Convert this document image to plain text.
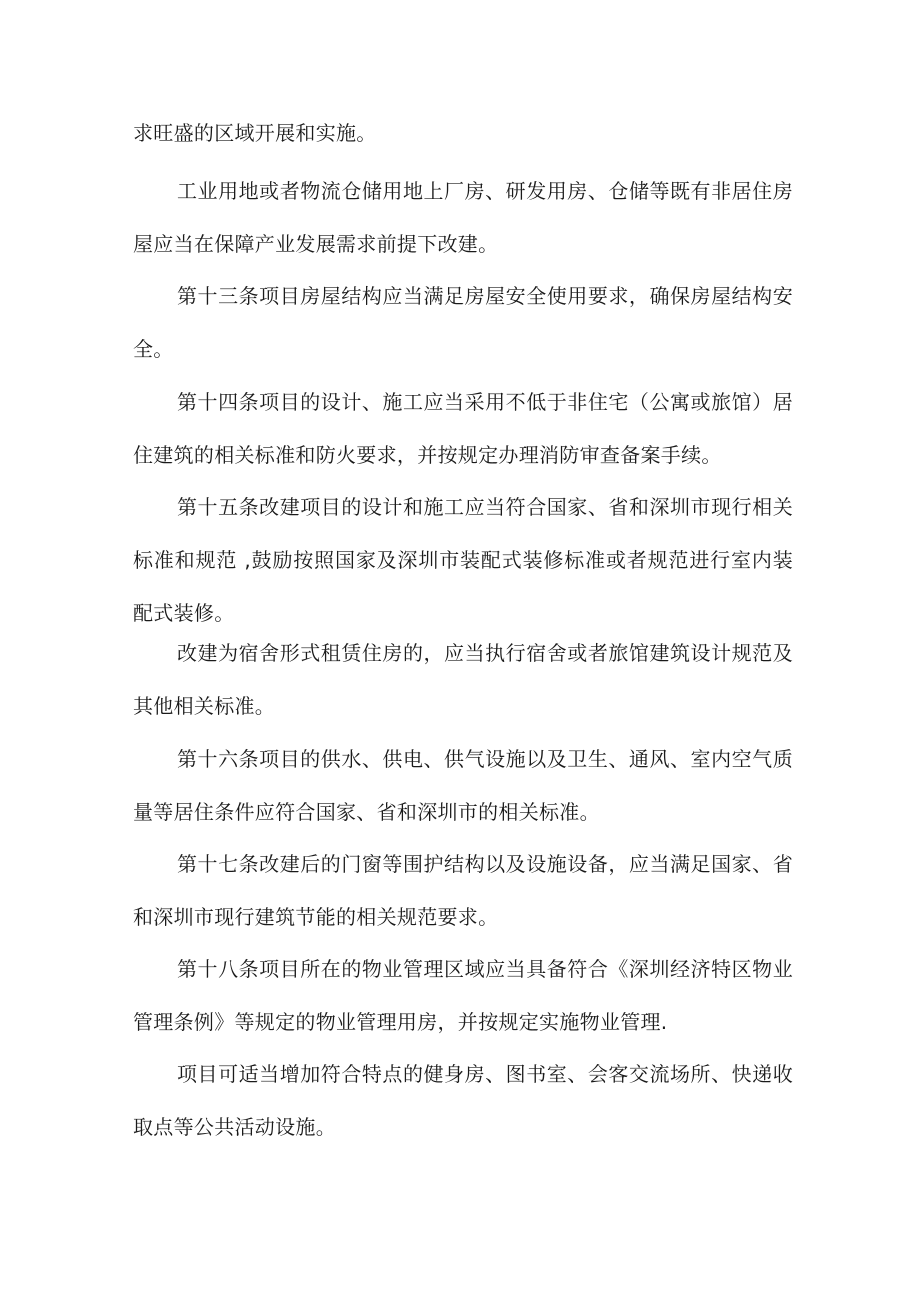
求旺盛的区域开展和实施。

工业用地或者物流仓储用地上厂房、研发用房、仓储等既有非居住房屋应当在保障产业发展需求前提下改建。

第十三条项目房屋结构应当满足房屋安全使用要求，确保房屋结构安全。

第十四条项目的设计、施工应当采用不低于非住宅（公寓或旅馆）居住建筑的相关标准和防火要求，并按规定办理消防审查备案手续。

第十五条改建项目的设计和施工应当符合国家、省和深圳市现行相关标准和规范 ,鼓励按照国家及深圳市装配式装修标准或者规范进行室内装配式装修。

改建为宿舍形式租赁住房的，应当执行宿舍或者旅馆建筑设计规范及其他相关标准。

第十六条项目的供水、供电、供气设施以及卫生、通风、室内空气质量等居住条件应符合国家、省和深圳市的相关标准。

第十七条改建后的门窗等围护结构以及设施设备，应当满足国家、省和深圳市现行建筑节能的相关规范要求。

第十八条项目所在的物业管理区域应当具备符合《深圳经济特区物业管理条例》等规定的物业管理用房，并按规定实施物业管理.

项目可适当增加符合特点的健身房、图书室、会客交流场所、快递收取点等公共活动设施。
